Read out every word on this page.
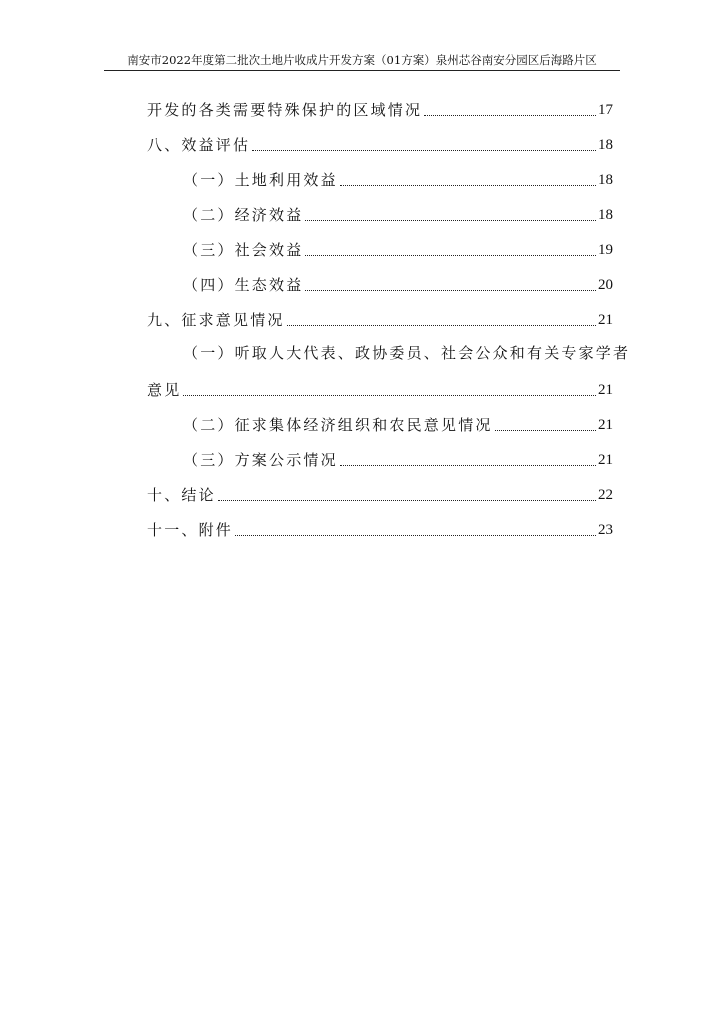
南安市2022年度第二批次土地片收成片开发方案（01方案）泉州芯谷南安分园区后海路片区
开发的各类需要特殊保护的区域情况	17
八、效益评估	18
（一）土地利用效益	18
（二）经济效益	18
（三）社会效益	19
（四）生态效益	20
九、征求意见情况	21
（一）听取人大代表、政协委员、社会公众和有关专家学者
意见	21
（二）征求集体经济组织和农民意见情况	21
（三）方案公示情况	21
十、结论	22
十一、附件	23
